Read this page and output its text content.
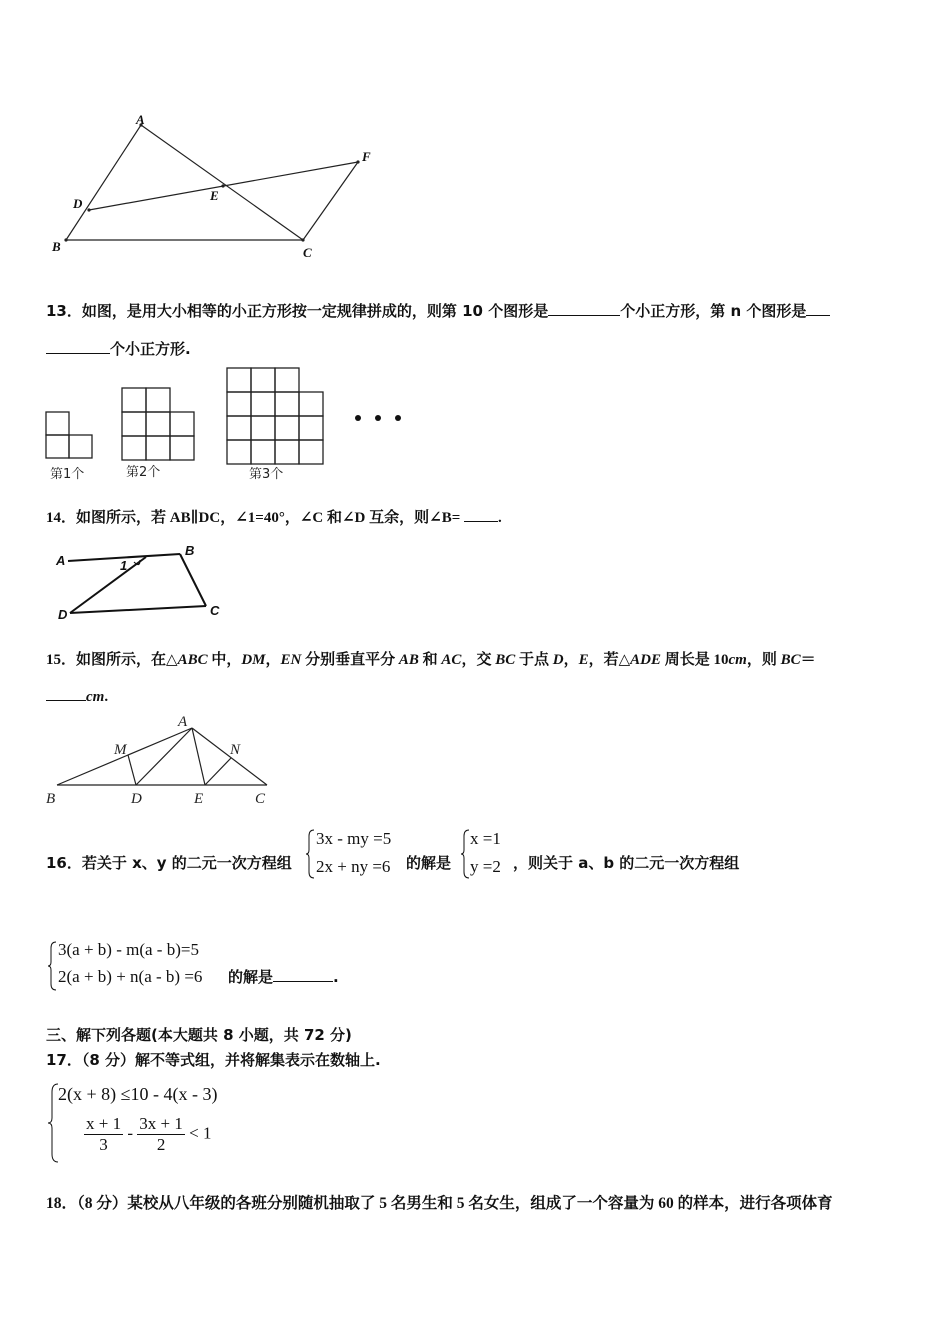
A
B	C
D
E
F
13．如图，是用大小相等的小正方形按一定规律拼成的，则第 10 个图形是	个小正方形，第 n 个图形是
个小正方形.
第1个	第2个	第3个
14．如图所示，若 AB∥DC，∠1=40°，∠C 和∠D 互余，则∠B= .
A
B
C
D
1
15．如图所示，在△ABC 中，DM，EN 分别垂直平分 AB 和 AC，交 BC 于点 D，E，若△ADE 周长是 10cm，则 BC＝
cm.
A
B	C
D	E
M	N
16．若关于 x、y 的二元一次方程组
3x - my =5
2x + ny =6 的解是
x =1
y =2 ，则关于 a、b 的二元一次方程组
3(a + b) - m(a - b)=5
2(a + b) + n(a - b) =6 的解是	.
三、解下列各题(本大题共 8 小题，共 72 分)
17．（8 分）解不等式组，并将解集表示在数轴上.
2(x + 8) ≤10 - 4(x - 3)
$\frac{x + 1}{3} - \frac{3x + 1}{2} < 1$
18．（8 分）某校从八年级的各班分别随机抽取了 5 名男生和 5 名女生，组成了一个容量为 60 的样本，进行各项体育
